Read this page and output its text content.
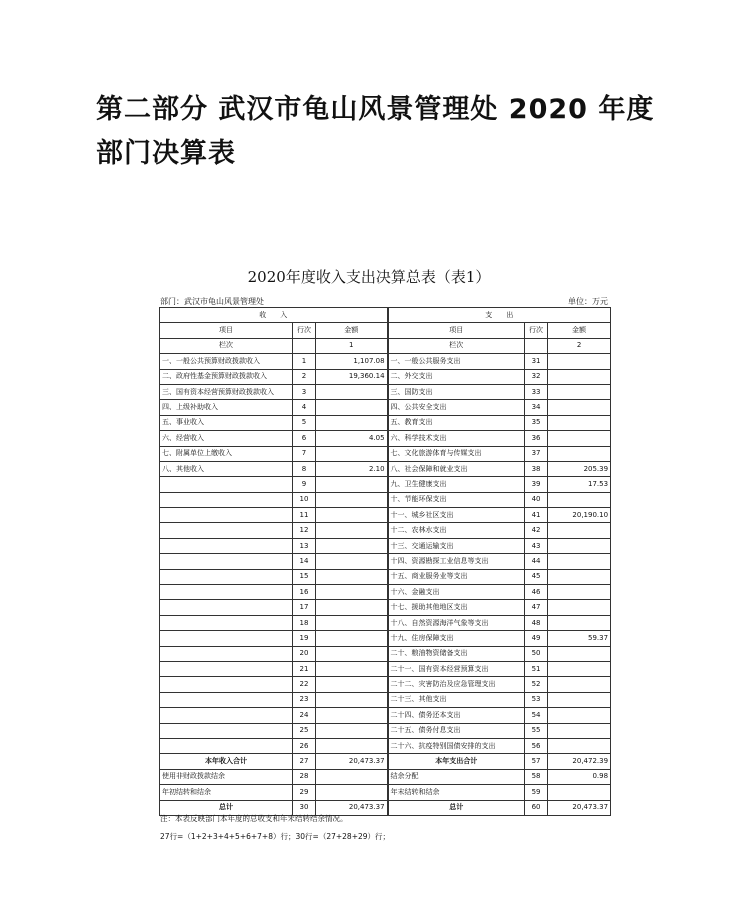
第二部分 武汉市龟山风景管理处 2020 年度部门决算表
2020年度收入支出决算总表（表1）
部门：武汉市龟山风景管理处	单位：万元
收　　入			支　　出		
项目	行次	金额	项目	行次	金额
栏次		1	栏次		2
一、一般公共预算财政拨款收入	1	1,107.08	一、一般公共服务支出	31	
二、政府性基金预算财政拨款收入	2	19,360.14	二、外交支出	32	
三、国有资本经营预算财政拨款收入	3		三、国防支出	33	
四、上级补助收入	4		四、公共安全支出	34	
五、事业收入	5		五、教育支出	35	
六、经营收入	6	4.05	六、科学技术支出	36	
七、附属单位上缴收入	7		七、文化旅游体育与传媒支出	37	
八、其他收入	8	2.10	八、社会保障和就业支出	38	205.39
	9		九、卫生健康支出	39	17.53
	10		十、节能环保支出	40	
	11		十一、城乡社区支出	41	20,190.10
	12		十二、农林水支出	42	
	13		十三、交通运输支出	43	
	14		十四、资源勘探工业信息等支出	44	
	15		十五、商业服务业等支出	45	
	16		十六、金融支出	46	
	17		十七、援助其他地区支出	47	
	18		十八、自然资源海洋气象等支出	48	
	19		十九、住房保障支出	49	59.37
	20		二十、粮油物资储备支出	50	
	21		二十一、国有资本经营预算支出	51	
	22		二十二、灾害防治及应急管理支出	52	
	23		二十三、其他支出	53	
	24		二十四、债务还本支出	54	
	25		二十五、债务付息支出	55	
	26		二十六、抗疫特别国债安排的支出	56	
本年收入合计	27	20,473.37	本年支出合计	57	20,472.39
使用非财政拨款结余	28		结余分配	58	0.98
年初结转和结余	29		年末结转和结余	59	
总计	30	20,473.37	总计	60	20,473.37
注：本表反映部门本年度的总收支和年末结转结余情况。
27行=（1+2+3+4+5+6+7+8）行；30行=（27+28+29）行；
